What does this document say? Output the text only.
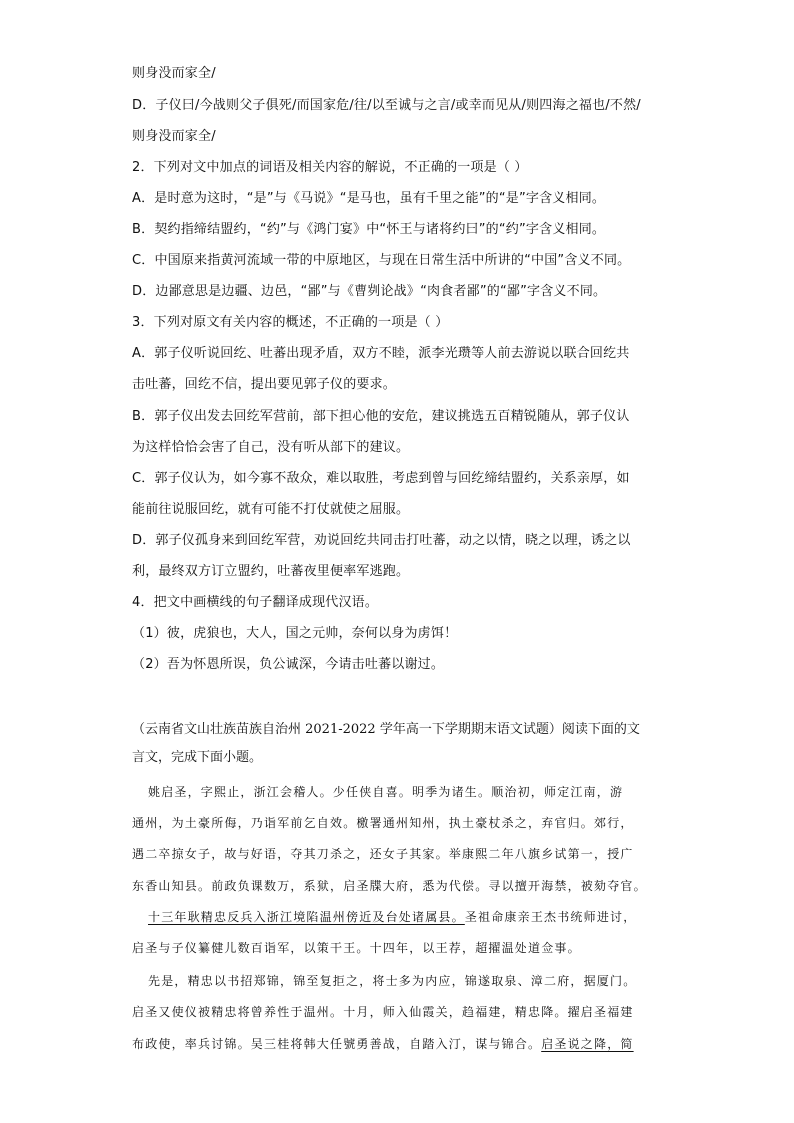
则身没而家全/
D．子仪曰/今战则父子俱死/而国家危/往/以至诚与之言/或幸而见从/则四海之福也/不然/
则身没而家全/
2．下列对文中加点的词语及相关内容的解说，不正确的一项是（ ）
A．是时意为这时，“是”与《马说》“是马也，虽有千里之能”的“是”字含义相同。
B．契约指缔结盟约，“约”与《鸿门宴》中“怀王与诸将约曰”的“约”字含义相同。
C．中国原来指黄河流域一带的中原地区，与现在日常生活中所讲的“中国”含义不同。
D．边鄙意思是边疆、边邑，“鄙”与《曹刿论战》“肉食者鄙”的“鄙”字含义不同。
3．下列对原文有关内容的概述，不正确的一项是（ ）
A．郭子仪听说回纥、吐蕃出现矛盾，双方不睦，派李光瓒等人前去游说以联合回纥共
击吐蕃，回纥不信，提出要见郭子仪的要求。
B．郭子仪出发去回纥军营前，部下担心他的安危，建议挑选五百精锐随从，郭子仪认
为这样恰恰会害了自己，没有听从部下的建议。
C．郭子仪认为，如今寡不敌众，难以取胜，考虑到曾与回纥缔结盟约，关系亲厚，如
能前往说服回纥，就有可能不打仗就使之屈服。
D．郭子仪孤身来到回纥军营，劝说回纥共同击打吐蕃，动之以情，晓之以理，诱之以
利，最终双方订立盟约，吐蕃夜里便率军逃跑。
4．把文中画横线的句子翻译成现代汉语。
（1）彼，虎狼也，大人，国之元帅，奈何以身为虏饵！
（2）吾为怀恩所误，负公诚深，今请击吐蕃以谢过。
（云南省文山壮族苗族自治州 2021-2022 学年高一下学期期末语文试题）阅读下面的文
言文，完成下面小题。
姚启圣，字熙止，浙江会稽人。少任侠自喜。明季为诸生。顺治初，师定江南，游
通州，为土豪所侮，乃诣军前乞自效。檄署通州知州，执土豪杖杀之，弃官归。郊行，
遇二卒掠女子，故与好语，夺其刀杀之，还女子其家。举康熙二年八旗乡试第一，授广
东香山知县。前政负课数万，系狱，启圣牒大府，悉为代偿。寻以擅开海禁，被劾夺官。
十三年耿精忠反兵入浙江境陷温州傍近及台处诸属县。圣祖命康亲王杰书统师进讨，
启圣与子仪纂健儿数百诣军，以策干王。十四年，以王荐，超擢温处道佥事。
先是，精忠以书招郑锦，锦至复拒之，将士多为内应，锦遂取泉、漳二府，据厦门。
启圣又使仪被精忠将曾养性于温州。十月，师入仙霞关，趋福建，精忠降。擢启圣福建
布政使，率兵讨锦。吴三桂将韩大任號勇善战，自踏入汀，谋与锦合。启圣说之降，简
